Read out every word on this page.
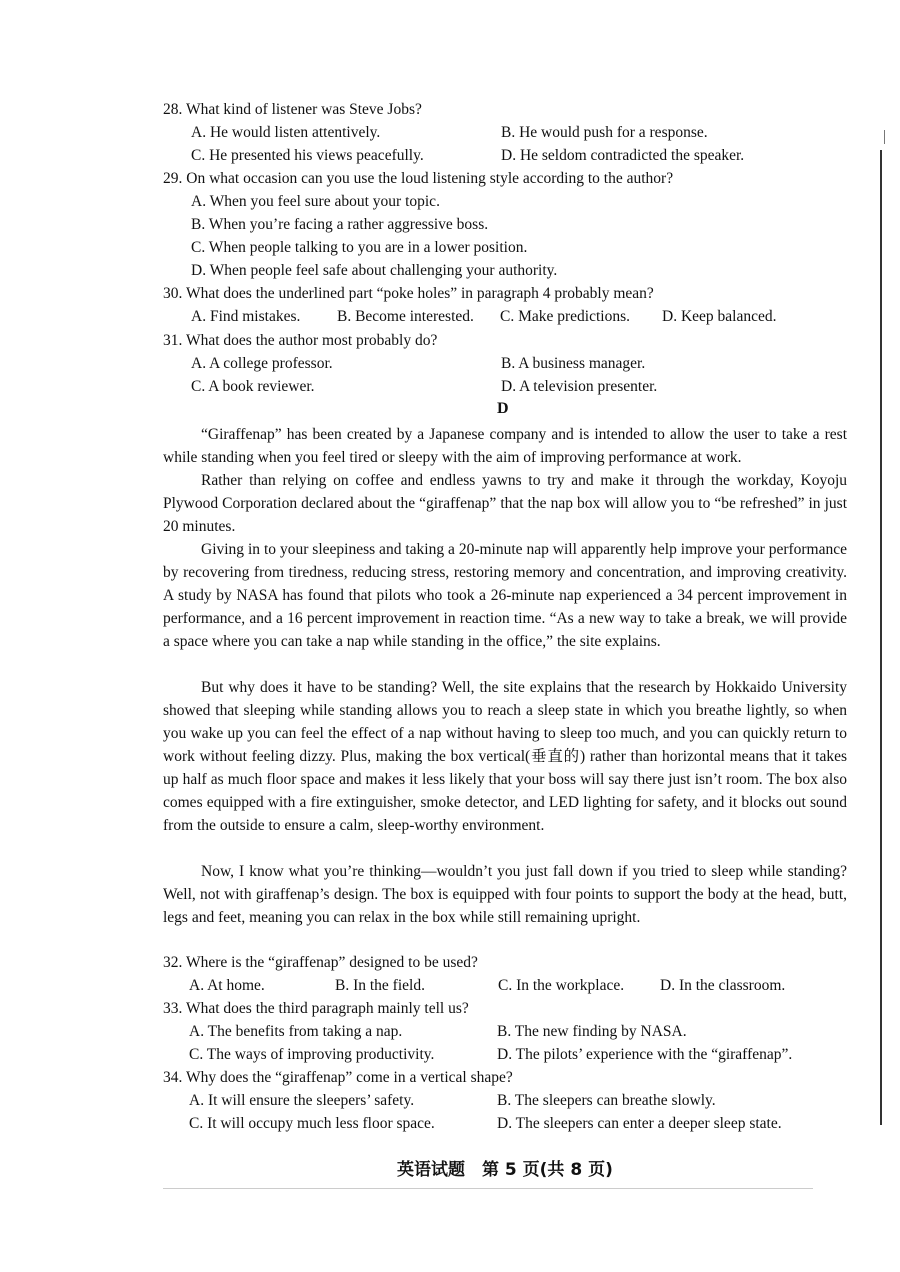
28. What kind of listener was Steve Jobs?
A. He would listen attentively.	B. He would push for a response.
C. He presented his views peacefully.	D. He seldom contradicted the speaker.
29. On what occasion can you use the loud listening style according to the author?
A. When you feel sure about your topic.
B. When you’re facing a rather aggressive boss.
C. When people talking to you are in a lower position.
D. When people feel safe about challenging your authority.
30. What does the underlined part “poke holes” in paragraph 4 probably mean?
A. Find mistakes. B. Become interested. C. Make predictions. D. Keep balanced.
31. What does the author most probably do?
A. A college professor.	B. A business manager.
C. A book reviewer.	D. A television presenter.
D
“Giraffenap” has been created by a Japanese company and is intended to allow the user to take a rest while standing when you feel tired or sleepy with the aim of improving performance at work.
Rather than relying on coffee and endless yawns to try and make it through the workday, Koyoju Plywood Corporation declared about the “giraffenap” that the nap box will allow you to “be refreshed” in just 20 minutes.
Giving in to your sleepiness and taking a 20-minute nap will apparently help improve your performance by recovering from tiredness, reducing stress, restoring memory and concentration, and improving creativity. A study by NASA has found that pilots who took a 26-minute nap experienced a 34 percent improvement in performance, and a 16 percent improvement in reaction time. “As a new way to take a break, we will provide a space where you can take a nap while standing in the office,” the site explains.
But why does it have to be standing? Well, the site explains that the research by Hokkaido University showed that sleeping while standing allows you to reach a sleep state in which you breathe lightly, so when you wake up you can feel the effect of a nap without having to sleep too much, and you can quickly return to work without feeling dizzy. Plus, making the box vertical(垂直的) rather than horizontal means that it takes up half as much floor space and makes it less likely that your boss will say there just isn’t room. The box also comes equipped with a fire extinguisher, smoke detector, and LED lighting for safety, and it blocks out sound from the outside to ensure a calm, sleep-worthy environment.
Now, I know what you’re thinking—wouldn’t you just fall down if you tried to sleep while standing? Well, not with giraffenap’s design. The box is equipped with four points to support the body at the head, butt, legs and feet, meaning you can relax in the box while still remaining upright.
32. Where is the “giraffenap” designed to be used?
A. At home.	B. In the field.	C. In the workplace. D. In the classroom.
33. What does the third paragraph mainly tell us?
A. The benefits from taking a nap.	B. The new finding by NASA.
C. The ways of improving productivity.	D. The pilots’ experience with the “giraffenap”.
34. Why does the “giraffenap” come in a vertical shape?
A. It will ensure the sleepers’ safety.	B. The sleepers can breathe slowly.
C. It will occupy much less floor space.	D. The sleepers can enter a deeper sleep state.
英语试题　第 5 页(共 8 页)
